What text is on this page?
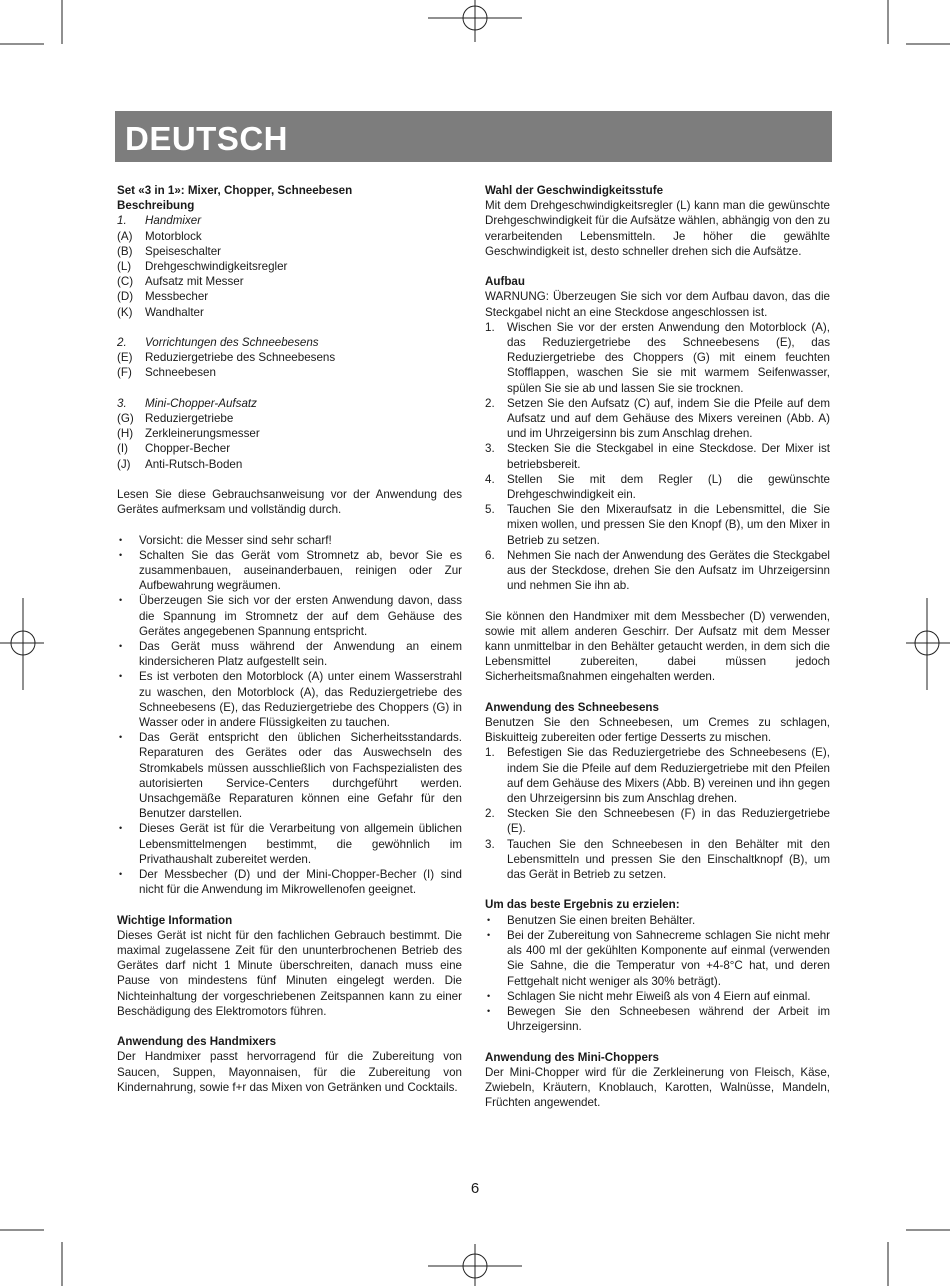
DEUTSCH

Set «3 in 1»: Mixer, Chopper, Schneebesen

Beschreibung

1.	Handmixer
(A)	Motorblock
(B)	Speiseschalter
(L)	Drehgeschwindigkeitsregler
(C)	Aufsatz mit Messer
(D)	Messbecher
(K)	Wandhalter
2.	Vorrichtungen des Schneebesens
(E)	Reduziergetriebe des Schneebesens
(F)	Schneebesen
3.	Mini-Chopper-Aufsatz
(G) Reduziergetriebe
(H)	Zerkleinerungsmesser
(I)	Chopper-Becher
(J)	Anti-Rutsch-Boden

Lesen Sie diese Gebrauchsanweisung vor der Anwendung des Gerätes aufmerksam und vollständig durch.

•	Vorsicht: die Messer sind sehr scharf!
•	Schalten Sie das Gerät vom Stromnetz ab, bevor Sie es zusammenbauen, auseinanderbauen, reinigen oder Zur Aufbewahrung wegräumen.
•	Überzeugen Sie sich vor der ersten Anwendung davon, dass die Spannung im Stromnetz der auf dem Gehäuse des Gerätes angegebenen Spannung entspricht.
•	Das Gerät muss während der Anwendung an einem kindersicheren Platz aufgestellt sein.
•	Es ist verboten den Motorblock (A) unter einem Wasserstrahl zu waschen, den Motorblock (A), das Reduziergetriebe des Schneebesens (E), das Reduziergetriebe des Choppers (G) in Wasser oder in andere Flüssigkeiten zu tauchen.
•	Das Gerät entspricht den üblichen Sicherheitsstandards. Reparaturen des Gerätes oder das Auswechseln des Stromkabels müssen ausschließlich von Fachspezialisten des autorisierten Service-Centers durchgeführt werden. Unsachgemäße Reparaturen können eine Gefahr für den Benutzer darstellen.
•	Dieses Gerät ist für die Verarbeitung von allgemein üblichen Lebensmittelmengen bestimmt, die gewöhnlich im Privathaushalt zubereitet werden.
•	Der Messbecher (D) und der Mini-Chopper-Becher (I) sind nicht für die Anwendung im Mikrowellenofen geeignet.

Wichtige Information

Dieses Gerät ist nicht für den fachlichen Gebrauch bestimmt. Die maximal zugelassene Zeit für den ununterbrochenen Betrieb des Gerätes darf nicht 1 Minute überschreiten, danach muss eine Pause von mindestens fünf Minuten eingelegt werden. Die Nichteinhaltung der vorgeschriebenen Zeitspannen kann zu einer Beschädigung des Elektromotors führen.

Anwendung des Handmixers

Der Handmixer passt hervorragend für die Zubereitung von Saucen, Suppen, Mayonnaisen, für die Zubereitung von Kindernahrung, sowie f+r das Mixen von Getränken und Cocktails.

Wahl der Geschwindigkeitsstufe

Mit dem Drehgeschwindigkeitsregler (L) kann man die gewünschte Drehgeschwindigkeit für die Aufsätze wählen, abhängig von den zu verarbeitenden Lebensmitteln. Je höher die gewählte Geschwindigkeit ist, desto schneller drehen sich die Aufsätze.

Aufbau

WARNUNG: Überzeugen Sie sich vor dem Aufbau davon, das die Steckgabel nicht an eine Steckdose angeschlossen ist.

1.	Wischen Sie vor der ersten Anwendung den Motorblock (A), das Reduziergetriebe des Schneebesens (E), das Reduziergetriebe des Choppers (G) mit einem feuchten Stofflappen, waschen Sie sie mit warmem Seifenwasser, spülen Sie sie ab und lassen Sie sie trocknen.
2.	Setzen Sie den Aufsatz (C) auf, indem Sie die Pfeile auf dem Aufsatz und auf dem Gehäuse des Mixers vereinen (Abb. A) und im Uhrzeigersinn bis zum Anschlag drehen.
3.	Stecken Sie die Steckgabel in eine Steckdose. Der Mixer ist betriebsbereit.
4.	Stellen Sie mit dem Regler (L) die gewünschte Drehgeschwindigkeit ein.
5.	Tauchen Sie den Mixeraufsatz in die Lebensmittel, die Sie mixen wollen, und pressen Sie den Knopf (B), um den Mixer in Betrieb zu setzen.
6.	Nehmen Sie nach der Anwendung des Gerätes die Steckgabel aus der Steckdose, drehen Sie den Aufsatz im Uhrzeigersinn und nehmen Sie ihn ab.

Sie können den Handmixer mit dem Messbecher (D) verwenden, sowie mit allem anderen Geschirr. Der Aufsatz mit dem Messer kann unmittelbar in den Behälter getaucht werden, in dem sich die Lebensmittel zubereiten, dabei müssen jedoch Sicherheitsmaßnahmen eingehalten werden.

Anwendung des Schneebesens

Benutzen Sie den Schneebesen, um Cremes zu schlagen, Biskuitteig zubereiten oder fertige Desserts zu mischen.

1.	Befestigen Sie das Reduziergetriebe des Schneebesens (E), indem Sie die Pfeile auf dem Reduziergetriebe mit den Pfeilen auf dem Gehäuse des Mixers (Abb. B) vereinen und ihn gegen den Uhrzeigersinn bis zum Anschlag drehen.
2.	Stecken Sie den Schneebesen (F) in das Reduziergetriebe (E).
3.	Tauchen Sie den Schneebesen in den Behälter mit den Lebensmitteln und pressen Sie den Einschaltknopf (B), um das Gerät in Betrieb zu setzen.

Um das beste Ergebnis zu erzielen:

•	Benutzen Sie einen breiten Behälter.
•	Bei der Zubereitung von Sahnecreme schlagen Sie nicht mehr als 400 ml der gekühlten Komponente auf einmal (verwenden Sie Sahne, die die Temperatur von +4-8°C hat, und deren Fettgehalt nicht weniger als 30% beträgt).
•	Schlagen Sie nicht mehr Eiweiß als von 4 Eiern auf einmal.
•	Bewegen Sie den Schneebesen während der Arbeit im Uhrzeigersinn.

Anwendung des Mini-Choppers

Der Mini-Chopper wird für die Zerkleinerung von Fleisch, Käse, Zwiebeln, Kräutern, Knoblauch, Karotten, Walnüsse, Mandeln, Früchten angewendet.

6
